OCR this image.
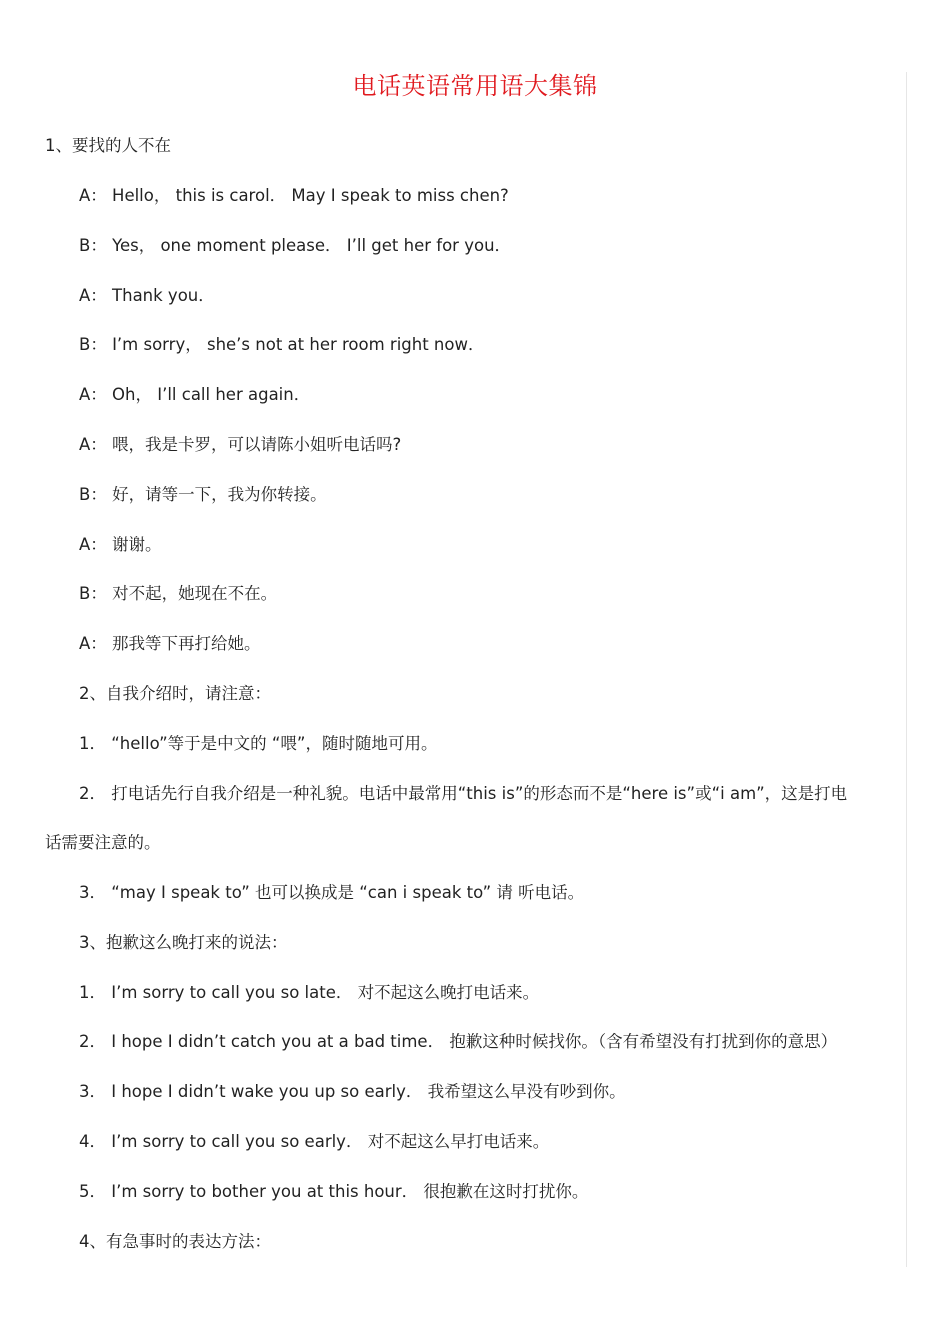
电话英语常用语大集锦
1、要找的人不在
A： Hello， this is carol． May I speak to miss chen?
B： Yes， one moment please． I’ll get her for you．
A： Thank you．
B： I’m sorry， she’s not at her room right now．
A： Oh， I’ll call her again．
A： 喂，我是卡罗，可以请陈小姐听电话吗?
B： 好，请等一下，我为你转接。
A： 谢谢。
B： 对不起，她现在不在。
A： 那我等下再打给她。
2、自我介绍时，请注意：
1． “hello”等于是中文的 “喂”，随时随地可用。
2． 打电话先行自我介绍是一种礼貌。电话中最常用“this is”的形态而不是“here is”或“i am”，这是打电
话需要注意的。
3． “may I speak to” 也可以换成是 “can i speak to” 请 听电话。
3、抱歉这么晚打来的说法：
1． I’m sorry to call you so late． 对不起这么晚打电话来。
2． I hope I didn’t catch you at a bad time． 抱歉这种时候找你。（含有希望没有打扰到你的意思）
3． I hope I didn’t wake you up so early． 我希望这么早没有吵到你。
4． I’m sorry to call you so early． 对不起这么早打电话来。
5． I’m sorry to bother you at this hour． 很抱歉在这时打扰你。
4、有急事时的表达方法：
